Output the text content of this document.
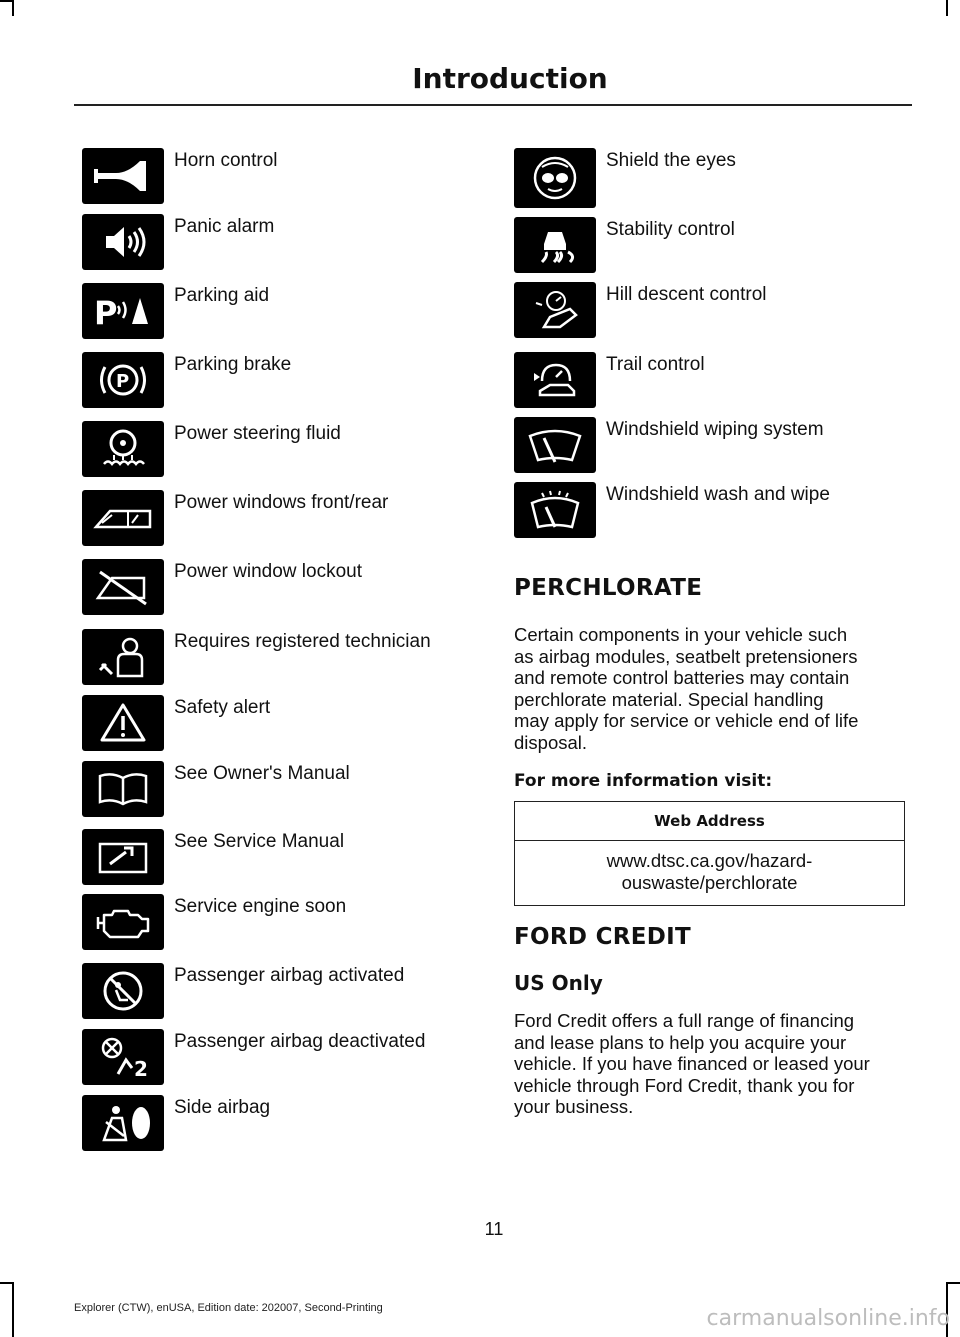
Introduction
Horn control
Panic alarm
P	Parking aid
P
Parking brake
Power steering fluid
Power windows front/rear
Power window lockout
Requires registered technician
Safety alert
See Owner's Manual
See Service Manual
Service engine soon
Passenger airbag activated
2
Passenger airbag deactivated
Side airbag
Shield the eyes
Stability control
Hill descent control
Trail control
Windshield wiping system
Windshield wash and wipe
PERCHLORATE
Certain components in your vehicle such
as airbag modules, seatbelt pretensioners
and remote control batteries may contain
perchlorate material. Special handling
may apply for service or vehicle end of life
disposal.
For more information visit:
Web Address

www.dtsc.ca.gov/hazard-
ouswaste/perchlorate
FORD CREDIT
US Only
Ford Credit offers a full range of financing
and lease plans to help you acquire your
vehicle. If you have financed or leased your
vehicle through Ford Credit, thank you for
your business.
11
Explorer (CTW), enUSA, Edition date: 202007, Second-Printing	carmanualsonline.info
